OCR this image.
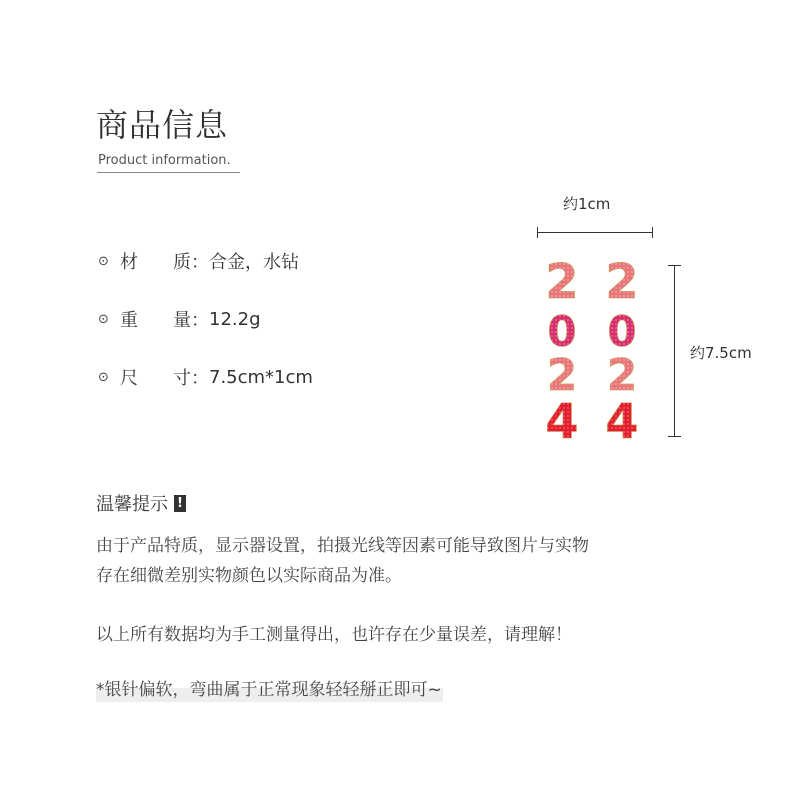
商品信息
Product information.
⊙ 材	质： 合金，水钻
⊙ 重	量： 12.2g
⊙ 尺	寸： 7.5cm*1cm
约1cm
约7.5cm
2
0
2
4
2
0
2
4
温馨提示 !
由于产品特质，显示器设置，拍摄光线等因素可能导致图片与实物
存在细微差别实物颜色以实际商品为准。
以上所有数据均为手工测量得出，也许存在少量误差，请理解！
*银针偏软，弯曲属于正常现象轻轻掰正即可~
